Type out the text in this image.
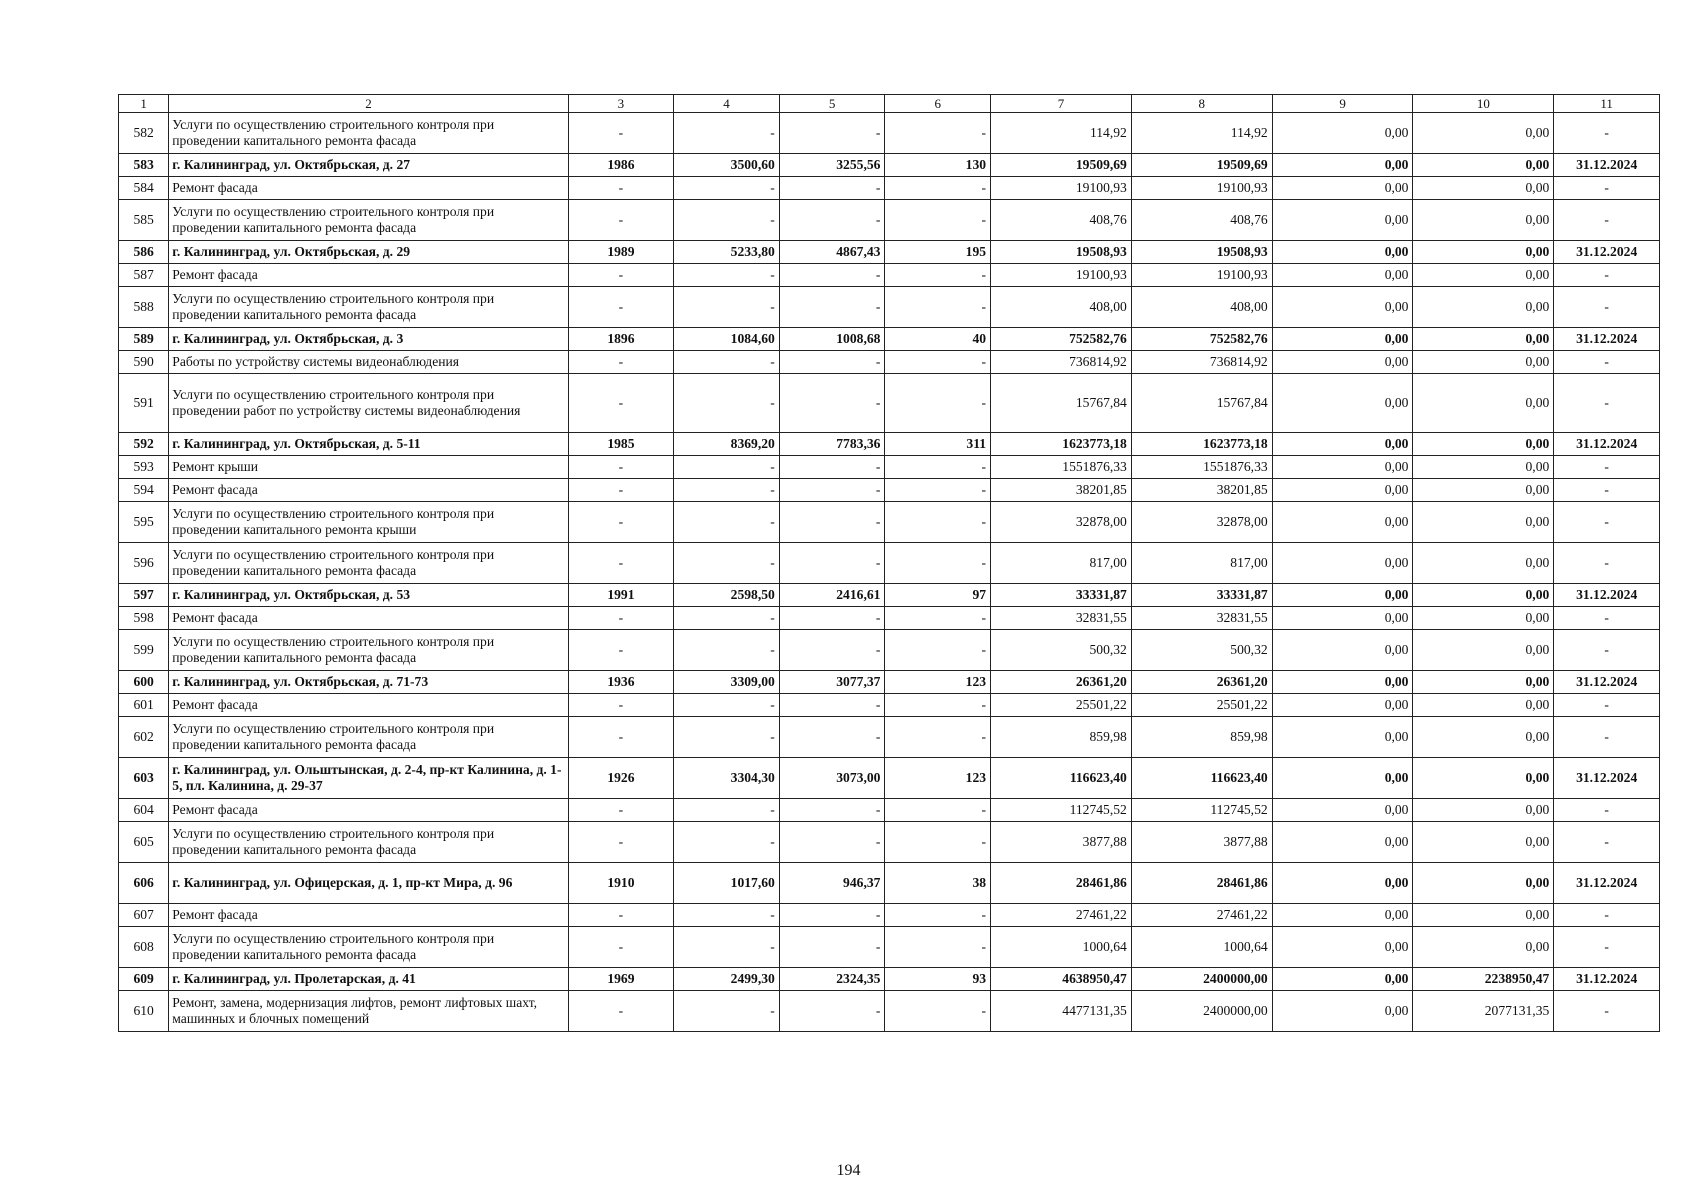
1	2	3	4	5	6	7	8	9	10	11
582	Услуги по осуществлению строительного контроля при проведении капитального ремонта фасада	-	-	-	-	114,92	114,92	0,00	0,00	-
583	г. Калининград, ул. Октябрьская, д. 27	1986	3500,60	3255,56	130	19509,69	19509,69	0,00	0,00	31.12.2024
584	Ремонт фасада	-	-	-	-	19100,93	19100,93	0,00	0,00	-
585	Услуги по осуществлению строительного контроля при проведении капитального ремонта фасада	-	-	-	-	408,76	408,76	0,00	0,00	-
586	г. Калининград, ул. Октябрьская, д. 29	1989	5233,80	4867,43	195	19508,93	19508,93	0,00	0,00	31.12.2024
587	Ремонт фасада	-	-	-	-	19100,93	19100,93	0,00	0,00	-
588	Услуги по осуществлению строительного контроля при проведении капитального ремонта фасада	-	-	-	-	408,00	408,00	0,00	0,00	-
589	г. Калининград, ул. Октябрьская, д. 3	1896	1084,60	1008,68	40	752582,76	752582,76	0,00	0,00	31.12.2024
590	Работы по устройству системы видеонаблюдения	-	-	-	-	736814,92	736814,92	0,00	0,00	-
591	Услуги по осуществлению строительного контроля при проведении работ по устройству системы видеонаблюдения	-	-	-	-	15767,84	15767,84	0,00	0,00	-
592	г. Калининград, ул. Октябрьская, д. 5-11	1985	8369,20	7783,36	311	1623773,18	1623773,18	0,00	0,00	31.12.2024
593	Ремонт крыши	-	-	-	-	1551876,33	1551876,33	0,00	0,00	-
594	Ремонт фасада	-	-	-	-	38201,85	38201,85	0,00	0,00	-
595	Услуги по осуществлению строительного контроля при проведении капитального ремонта крыши	-	-	-	-	32878,00	32878,00	0,00	0,00	-
596	Услуги по осуществлению строительного контроля при проведении капитального ремонта фасада	-	-	-	-	817,00	817,00	0,00	0,00	-
597	г. Калининград, ул. Октябрьская, д. 53	1991	2598,50	2416,61	97	33331,87	33331,87	0,00	0,00	31.12.2024
598	Ремонт фасада	-	-	-	-	32831,55	32831,55	0,00	0,00	-
599	Услуги по осуществлению строительного контроля при проведении капитального ремонта фасада	-	-	-	-	500,32	500,32	0,00	0,00	-
600	г. Калининград, ул. Октябрьская, д. 71-73	1936	3309,00	3077,37	123	26361,20	26361,20	0,00	0,00	31.12.2024
601	Ремонт фасада	-	-	-	-	25501,22	25501,22	0,00	0,00	-
602	Услуги по осуществлению строительного контроля при проведении капитального ремонта фасада	-	-	-	-	859,98	859,98	0,00	0,00	-
603	г. Калининград, ул. Ольштынская, д. 2-4, пр-кт Калинина, д. 1-5, пл. Калинина, д. 29-37	1926	3304,30	3073,00	123	116623,40	116623,40	0,00	0,00	31.12.2024
604	Ремонт фасада	-	-	-	-	112745,52	112745,52	0,00	0,00	-
605	Услуги по осуществлению строительного контроля при проведении капитального ремонта фасада	-	-	-	-	3877,88	3877,88	0,00	0,00	-
606	г. Калининград, ул. Офицерская, д. 1, пр-кт Мира, д. 96	1910	1017,60	946,37	38	28461,86	28461,86	0,00	0,00	31.12.2024
607	Ремонт фасада	-	-	-	-	27461,22	27461,22	0,00	0,00	-
608	Услуги по осуществлению строительного контроля при проведении капитального ремонта фасада	-	-	-	-	1000,64	1000,64	0,00	0,00	-
609	г. Калининград, ул. Пролетарская, д. 41	1969	2499,30	2324,35	93	4638950,47	2400000,00	0,00	2238950,47	31.12.2024
610	Ремонт, замена, модернизация лифтов, ремонт лифтовых шахт, машинных и блочных помещений	-	-	-	-	4477131,35	2400000,00	0,00	2077131,35	-
194
